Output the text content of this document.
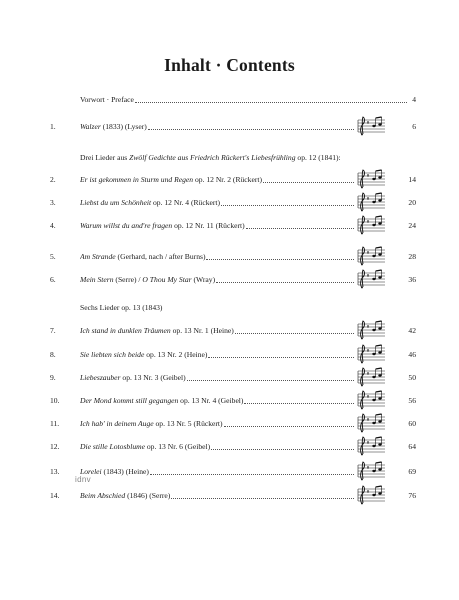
Inhalt · Contents
Vorwort · Preface	4
1.	Walzer (1833) (Lyser)	6
Drei Lieder aus Zwölf Gedichte aus Friedrich Rückert's Liebesfrühling op. 12 (1841):
2.	Er ist gekommen in Sturm und Regen op. 12 Nr. 2 (Rückert)	14
3.	Liebst du um Schönheit op. 12 Nr. 4 (Rückert)	20
4.	Warum willst du and're fragen op. 12 Nr. 11 (Rückert)	24
5.	Am Strande (Gerhard, nach / after Burns)	28
6.	Mein Stern (Serre) / O Thou My Star (Wray)	36
Sechs Lieder op. 13 (1843)
7.	Ich stand in dunklen Träumen op. 13 Nr. 1 (Heine)	42
8.	Sie liebten sich beide op. 13 Nr. 2 (Heine)	46
9.	Liebeszauber op. 13 Nr. 3 (Geibel)	50
10.	Der Mond kommt still gegangen op. 13 Nr. 4 (Geibel)	56
11.	Ich hab' in deinem Auge op. 13 Nr. 5 (Rückert)	60
12.	Die stille Lotosblume op. 13 Nr. 6 (Geibel)	64
13.	Lorelei (1843) (Heine)	69
idnv
14.	Beim Abschied (1846) (Serre)	76
